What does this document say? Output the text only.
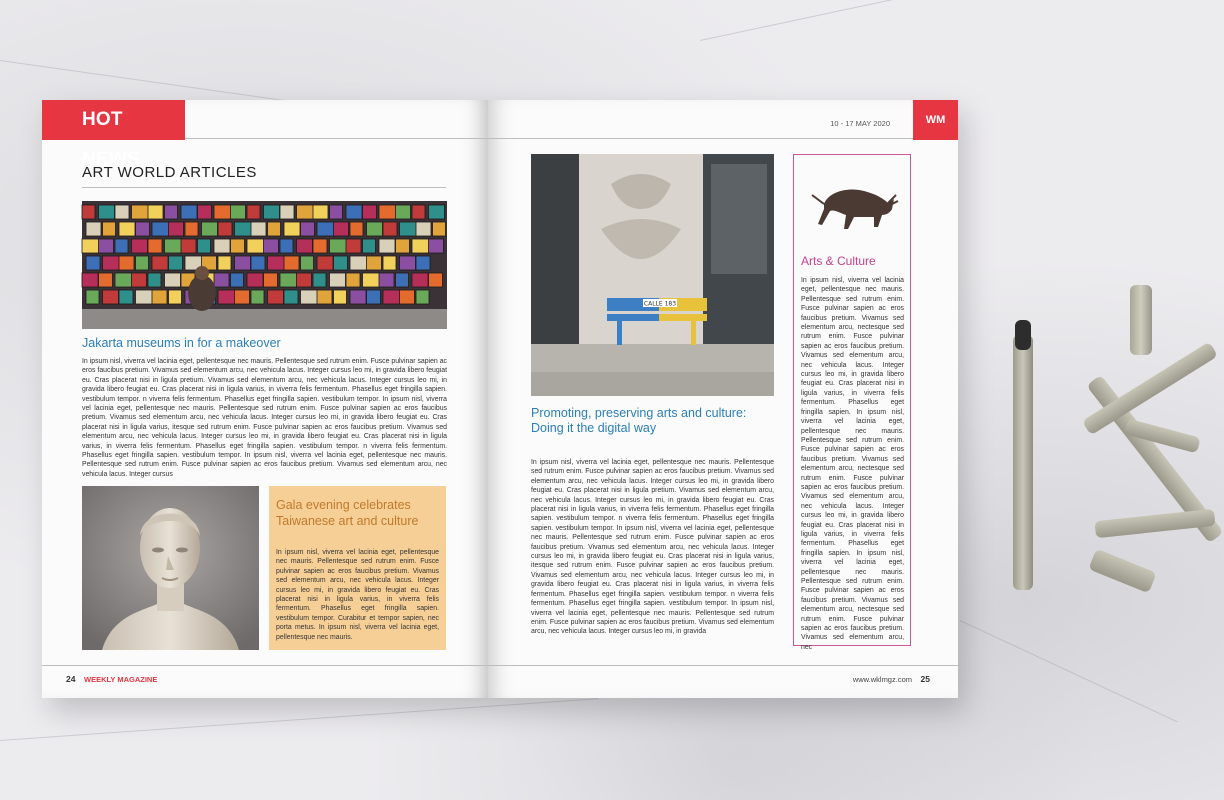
HOT NEWS
ART WORLD ARTICLES
Jakarta museums in for a makeover
In ipsum nisl, viverra vel lacinia eget, pellentesque nec mauris. Pellentesque sed rutrum enim. Fusce pulvinar sapien ac eros faucibus pretium. Vivamus sed elementum arcu, nec vehicula lacus. Integer cursus leo mi, in gravida libero feugiat eu. Cras placerat nisi in ligula pretium. Vivamus sed elementum arcu, nec vehicula lacus. Integer cursus leo mi, in gravida libero feugiat eu. Cras placerat nisi in ligula varius, in viverra felis fermentum. Phasellus eget fringilla sapien. vestibulum tempor. n viverra felis fermentum. Phasellus eget fringilla sapien. vestibulum tempor. In ipsum nisl, viverra vel lacinia eget, pellentesque nec mauris. Pellentesque sed rutrum enim. Fusce pulvinar sapien ac eros faucibus pretium. Vivamus sed elementum arcu, nec vehicula lacus. Integer cursus leo mi, in gravida libero feugiat eu. Cras placerat nisi in ligula varius, itesque sed rutrum enim. Fusce pulvinar sapien ac eros faucibus pretium. Vivamus sed elementum arcu, nec vehicula lacus. Integer cursus leo mi, in gravida libero feugiat eu. Cras placerat nisi in ligula varius, in viverra felis fermentum. Phasellus eget fringilla sapien. vestibulum tempor. n viverra felis fermentum. Phasellus eget fringilla sapien. vestibulum tempor. In ipsum nisl, viverra vel lacinia eget, pellentesque nec mauris. Pellentesque sed rutrum enim. Fusce pulvinar sapien ac eros faucibus pretium. Vivamus sed elementum arcu, nec vehicula lacus. Integer cursus
Gala evening celebrates Taiwanese art and culture
In ipsum nisl, viverra vel lacinia eget, pellentesque nec mauris. Pellentesque sed rutrum enim. Fusce pulvinar sapien ac eros faucibus pretium. Vivamus sed elementum arcu, nec vehicula lacus. Integer cursus leo mi, in gravida libero feugiat eu. Cras placerat nisi in ligula varius, in viverra felis fermentum. Phasellus eget fringilla sapien. vestibulum tempor. Curabitur et tempor sapien, nec porta metus. In ipsum nisl, viverra vel lacinia eget, pellentesque nec mauris.
24 WEEKLY MAGAZINE
10 - 17 MAY 2020	WM
CALLE 183
Promoting, preserving arts and culture: Doing it the digital way
In ipsum nisl, viverra vel lacinia eget, pellentesque nec mauris. Pellentesque sed rutrum enim. Fusce pulvinar sapien ac eros faucibus pretium. Vivamus sed elementum arcu, nec vehicula lacus. Integer cursus leo mi, in gravida libero feugiat eu. Cras placerat nisi in ligula pretium. Vivamus sed elementum arcu, nec vehicula lacus. Integer cursus leo mi, in gravida libero feugiat eu. Cras placerat nisi in ligula varius, in viverra felis fermentum. Phasellus eget fringilla sapien. vestibulum tempor. n viverra felis fermentum. Phasellus eget fringilla sapien. vestibulum tempor. In ipsum nisl, viverra vel lacinia eget, pellentesque nec mauris. Pellentesque sed rutrum enim. Fusce pulvinar sapien ac eros faucibus pretium. Vivamus sed elementum arcu, nec vehicula lacus. Integer cursus leo mi, in gravida libero feugiat eu. Cras placerat nisi in ligula varius, itesque sed rutrum enim. Fusce pulvinar sapien ac eros faucibus pretium. Vivamus sed elementum arcu, nec vehicula lacus. Integer cursus leo mi, in gravida libero feugiat eu. Cras placerat nisi in ligula varius, in viverra felis fermentum. Phasellus eget fringilla sapien. vestibulum tempor. n viverra felis fermentum. Phasellus eget fringilla sapien. vestibulum tempor. In ipsum nisl, viverra vel lacinia eget, pellentesque nec mauris. Pellentesque sed rutrum enim. Fusce pulvinar sapien ac eros faucibus pretium. Vivamus sed elementum arcu, nec vehicula lacus. Integer cursus leo mi, in gravida
Arts & Culture
In ipsum nisl, viverra vel lacinia eget, pellentesque nec mauris. Pellentesque sed rutrum enim. Fusce pulvinar sapien ac eros faucibus pretium. Vivamus sed elementum arcu, nectesque sed rutrum enim. Fusce pulvinar sapien ac eros faucibus pretium. Vivamus sed elementum arcu, nec vehicula lacus. Integer cursus leo mi, in gravida libero feugiat eu. Cras placerat nisi in ligula varius, in viverra felis fermentum. Phasellus eget fringilla sapien. In ipsum nisl, viverra vel lacinia eget, pellentesque nec mauris. Pellentesque sed rutrum enim. Fusce pulvinar sapien ac eros faucibus pretium. Vivamus sed elementum arcu, nectesque sed rutrum enim. Fusce pulvinar sapien ac eros faucibus pretium. Vivamus sed elementum arcu, nec vehicula lacus. Integer cursus leo mi, in gravida libero feugiat eu. Cras placerat nisi in ligula varius, in viverra felis fermentum. Phasellus eget fringilla sapien. In ipsum nisl, viverra vel lacinia eget, pellentesque nec mauris. Pellentesque sed rutrum enim. Fusce pulvinar sapien ac eros faucibus pretium. Vivamus sed elementum arcu, nectesque sed rutrum enim. Fusce pulvinar sapien ac eros faucibus pretium. Vivamus sed elementum arcu, nec
www.wklmgz.com 25
